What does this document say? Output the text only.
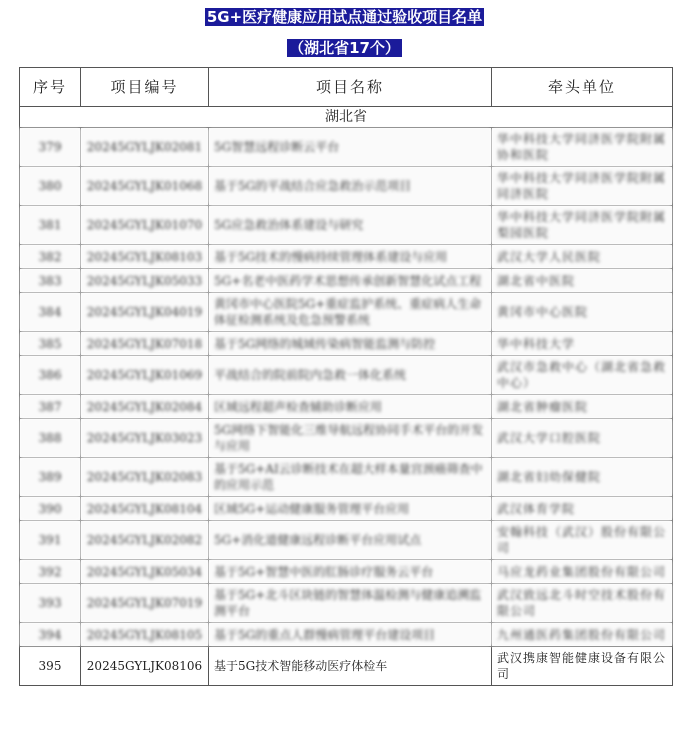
5G+医疗健康应用试点通过验收项目名单
（湖北省17个）
序号	项目编号	项目名称	牵头单位
湖北省			
379	20245GYLJK02081	5G智慧远程诊断云平台	华中科技大学同济医学院附属协和医院
380	20245GYLJK01068	基于5G的平战结合应急救治示范项目	华中科技大学同济医学院附属同济医院
381	20245GYLJK01070	5G应急救治体系建设与研究	华中科技大学同济医学院附属梨园医院
382	20245GYLJK08103	基于5G技术的慢病持续管理体系建设与应用	武汉大学人民医院
383	20245GYLJK05033	5G+名老中医药学术思想传承创新智慧化试点工程	湖北省中医院
384	20245GYLJK04019	黄冈市中心医院5G+重症监护系统、重症病人生命体征检测系统及危急预警系统	黄冈市中心医院
385	20245GYLJK07018	基于5G网络的城域传染病智能监测与防控	华中科技大学
386	20245GYLJK01069	平战结合的院前院内急救一体化系统	武汉市急救中心（湖北省急救中心）
387	20245GYLJK02084	区域远程超声检查辅助诊断应用	湖北省肿瘤医院
388	20245GYLJK03023	5G网络下智能化三维导航远程协同手术平台的开发与应用	武汉大学口腔医院
389	20245GYLJK02083	基于5G+AI云诊断技术在超大样本量宫颈癌筛查中的应用示范	湖北省妇幼保健院
390	20245GYLJK08104	区域5G+运动健康服务管理平台应用	武汉体育学院
391	20245GYLJK02082	5G+消化道健康远程诊断平台应用试点	安翰科技（武汉）股份有限公司
392	20245GYLJK05034	基于5G+智慧中医的肛肠诊疗服务云平台	马应龙药业集团股份有限公司
393	20245GYLJK07019	基于5G+北斗区块链的智慧体温检测与健康追溯监测平台	武汉致远北斗时空技术股份有限公司
394	20245GYLJK08105	基于5G的重点人群慢病管理平台建设项目	九州通医药集团股份有限公司
395	20245GYLJK08106	基于5G技术智能移动医疗体检车	武汉携康智能健康设备有限公司
